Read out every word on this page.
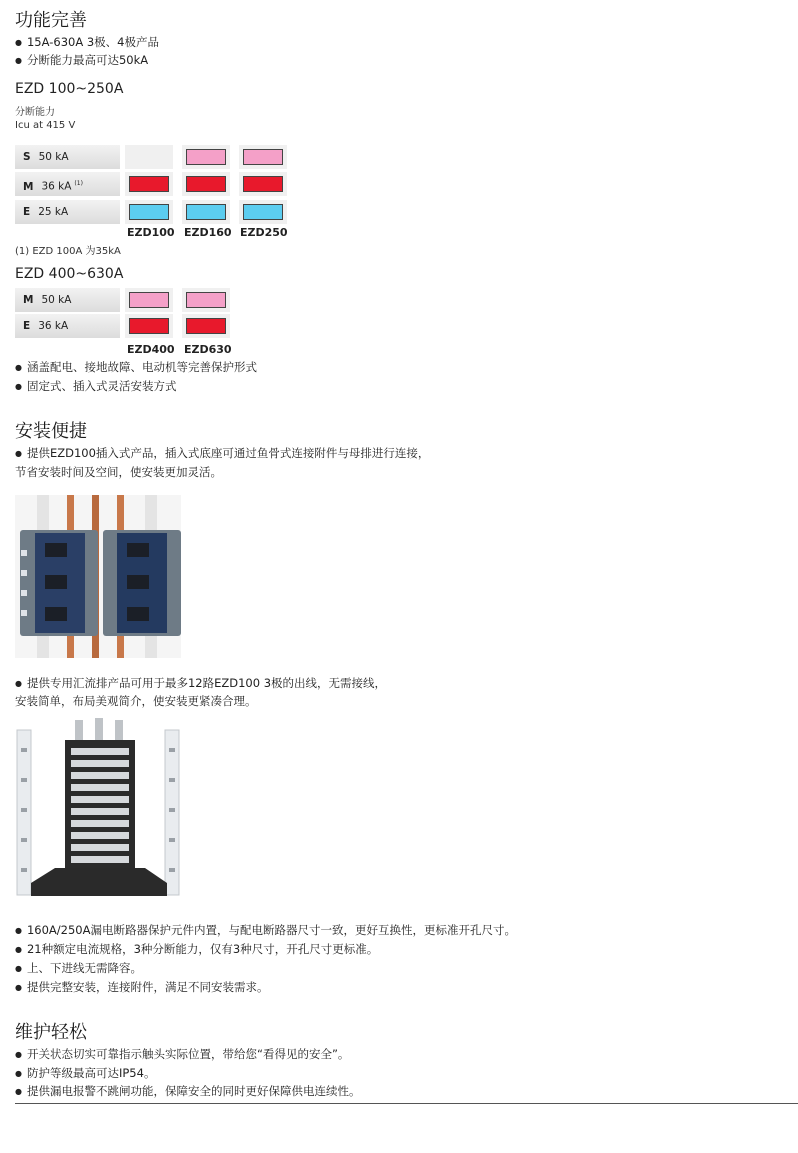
功能完善
● 15A-630A 3极、4极产品
● 分断能力最高可达50kA
EZD 100~250A
分断能力
Icu at 415 V
S 50 kA
M 36 kA $^{(1)}$
E 25 kA
EZD100 EZD160 EZD250
(1) EZD 100A 为35kA
EZD 400~630A
M 50 kA
E 36 kA
EZD400 EZD630
● 涵盖配电、接地故障、电动机等完善保护形式
● 固定式、插入式灵活安装方式
安装便捷
● 提供EZD100插入式产品，插入式底座可通过鱼骨式连接附件与母排进行连接，
节省安装时间及空间，使安装更加灵活。
● 提供专用汇流排产品可用于最多12路EZD100 3极的出线，无需接线，
安装简单，布局美观简介，使安装更紧凑合理。
● 160A/250A漏电断路器保护元件内置，与配电断路器尺寸一致，更好互换性，更标准开孔尺寸。
● 21种额定电流规格，3种分断能力，仅有3种尺寸，开孔尺寸更标准。
● 上、下进线无需降容。
● 提供完整安装，连接附件，满足不同安装需求。
维护轻松
● 开关状态切实可靠指示触头实际位置，带给您“看得见的安全”。
● 防护等级最高可达IP54。
● 提供漏电报警不跳闸功能，保障安全的同时更好保障供电连续性。
